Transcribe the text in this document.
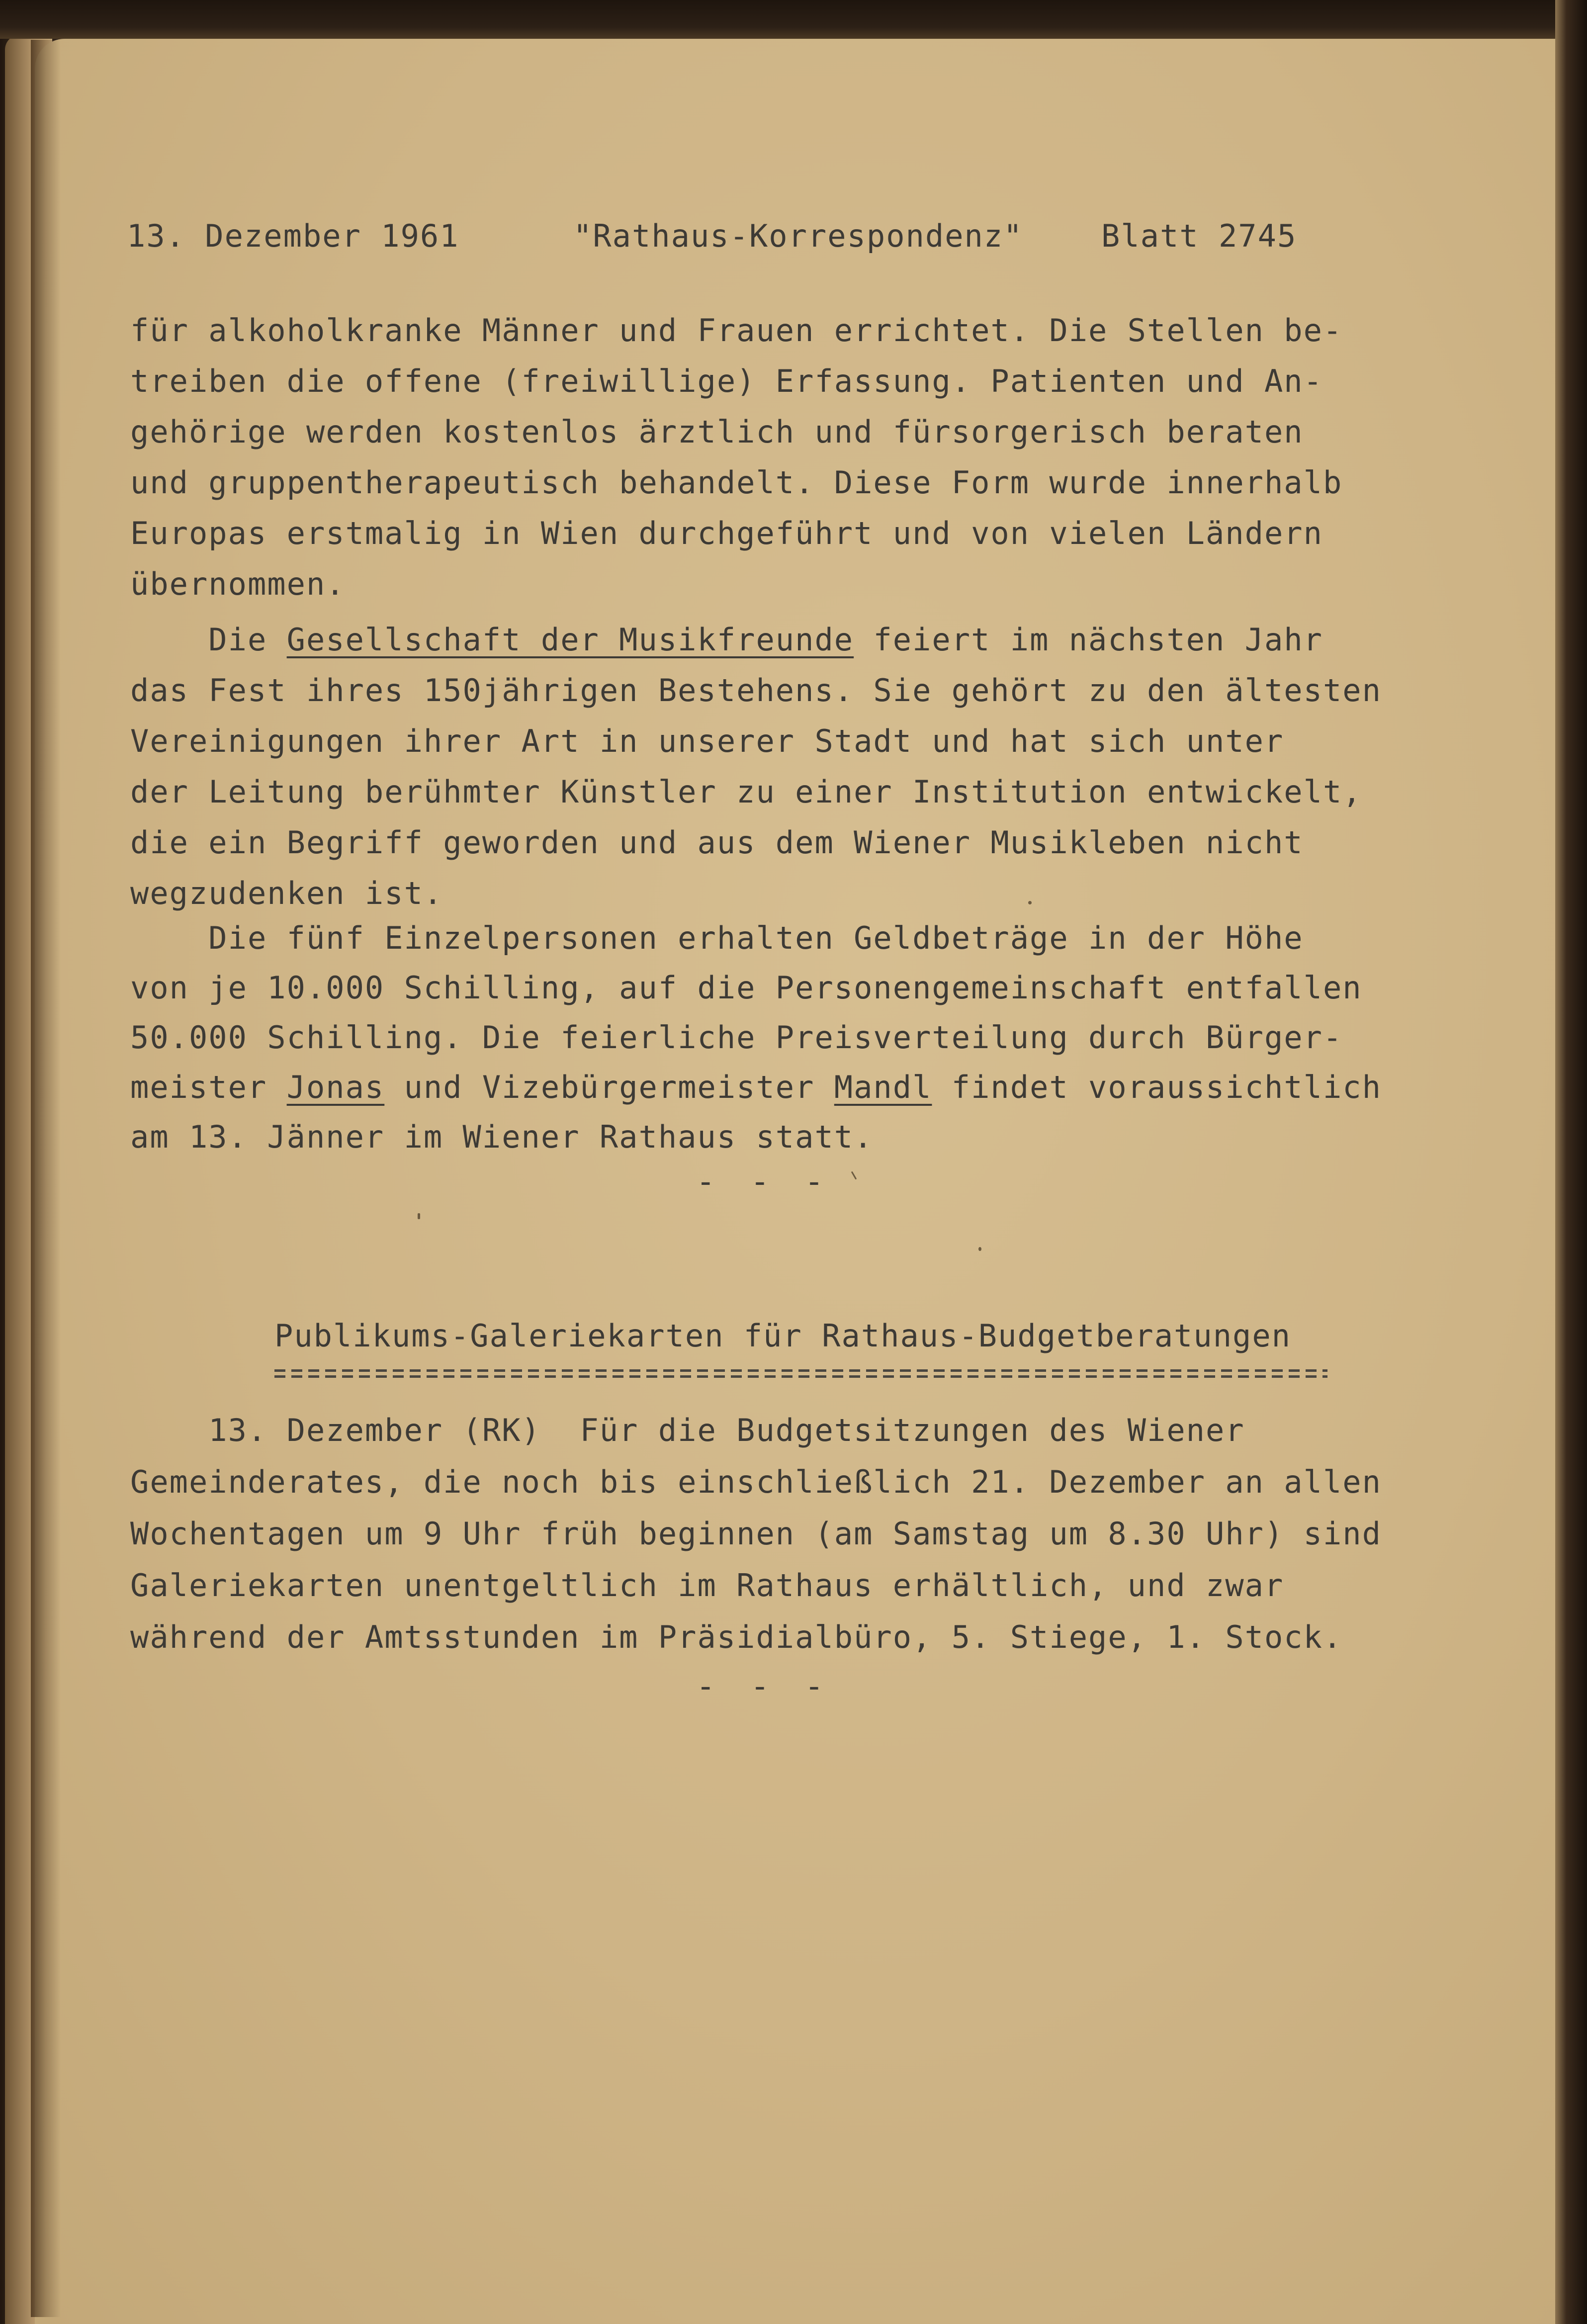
13. Dezember 1961

	"Rathaus-Korrespondenz"

	Blatt 2745

für alkoholkranke Männer und Frauen errichtet. Die Stellen be-

treiben die offene (freiwillige) Erfassung. Patienten und An-

gehörige werden kostenlos ärztlich und fürsorgerisch beraten

und gruppentherapeutisch behandelt. Diese Form wurde innerhalb

Europas erstmalig in Wien durchgeführt und von vielen Ländern

übernommen.

Die Gesellschaft der Musikfreunde feiert im nächsten Jahr

das Fest ihres 150jährigen Bestehens. Sie gehört zu den ältesten

Vereinigungen ihrer Art in unserer Stadt und hat sich unter

der Leitung berühmter Künstler zu einer Institution entwickelt,

die ein Begriff geworden und aus dem Wiener Musikleben nicht

wegzudenken ist.

Die fünf Einzelpersonen erhalten Geldbeträge in der Höhe

von je 10.000 Schilling, auf die Personengemeinschaft entfallen

50.000 Schilling. Die feierliche Preisverteilung durch Bürger-

meister Jonas und Vizebürgermeister Mandl findet voraussichtlich

am 13. Jänner im Wiener Rathaus statt.

- - -
Publikums-Galeriekarten für Rathaus-Budgetberatungen

13. Dezember (RK)  Für die Budgetsitzungen des Wiener

Gemeinderates, die noch bis einschließlich 21. Dezember an allen

Wochentagen um 9 Uhr früh beginnen (am Samstag um 8.30 Uhr) sind

Galeriekarten unentgeltlich im Rathaus erhältlich, und zwar

während der Amtsstunden im Präsidialbüro, 5. Stiege, 1. Stock.

- - -
